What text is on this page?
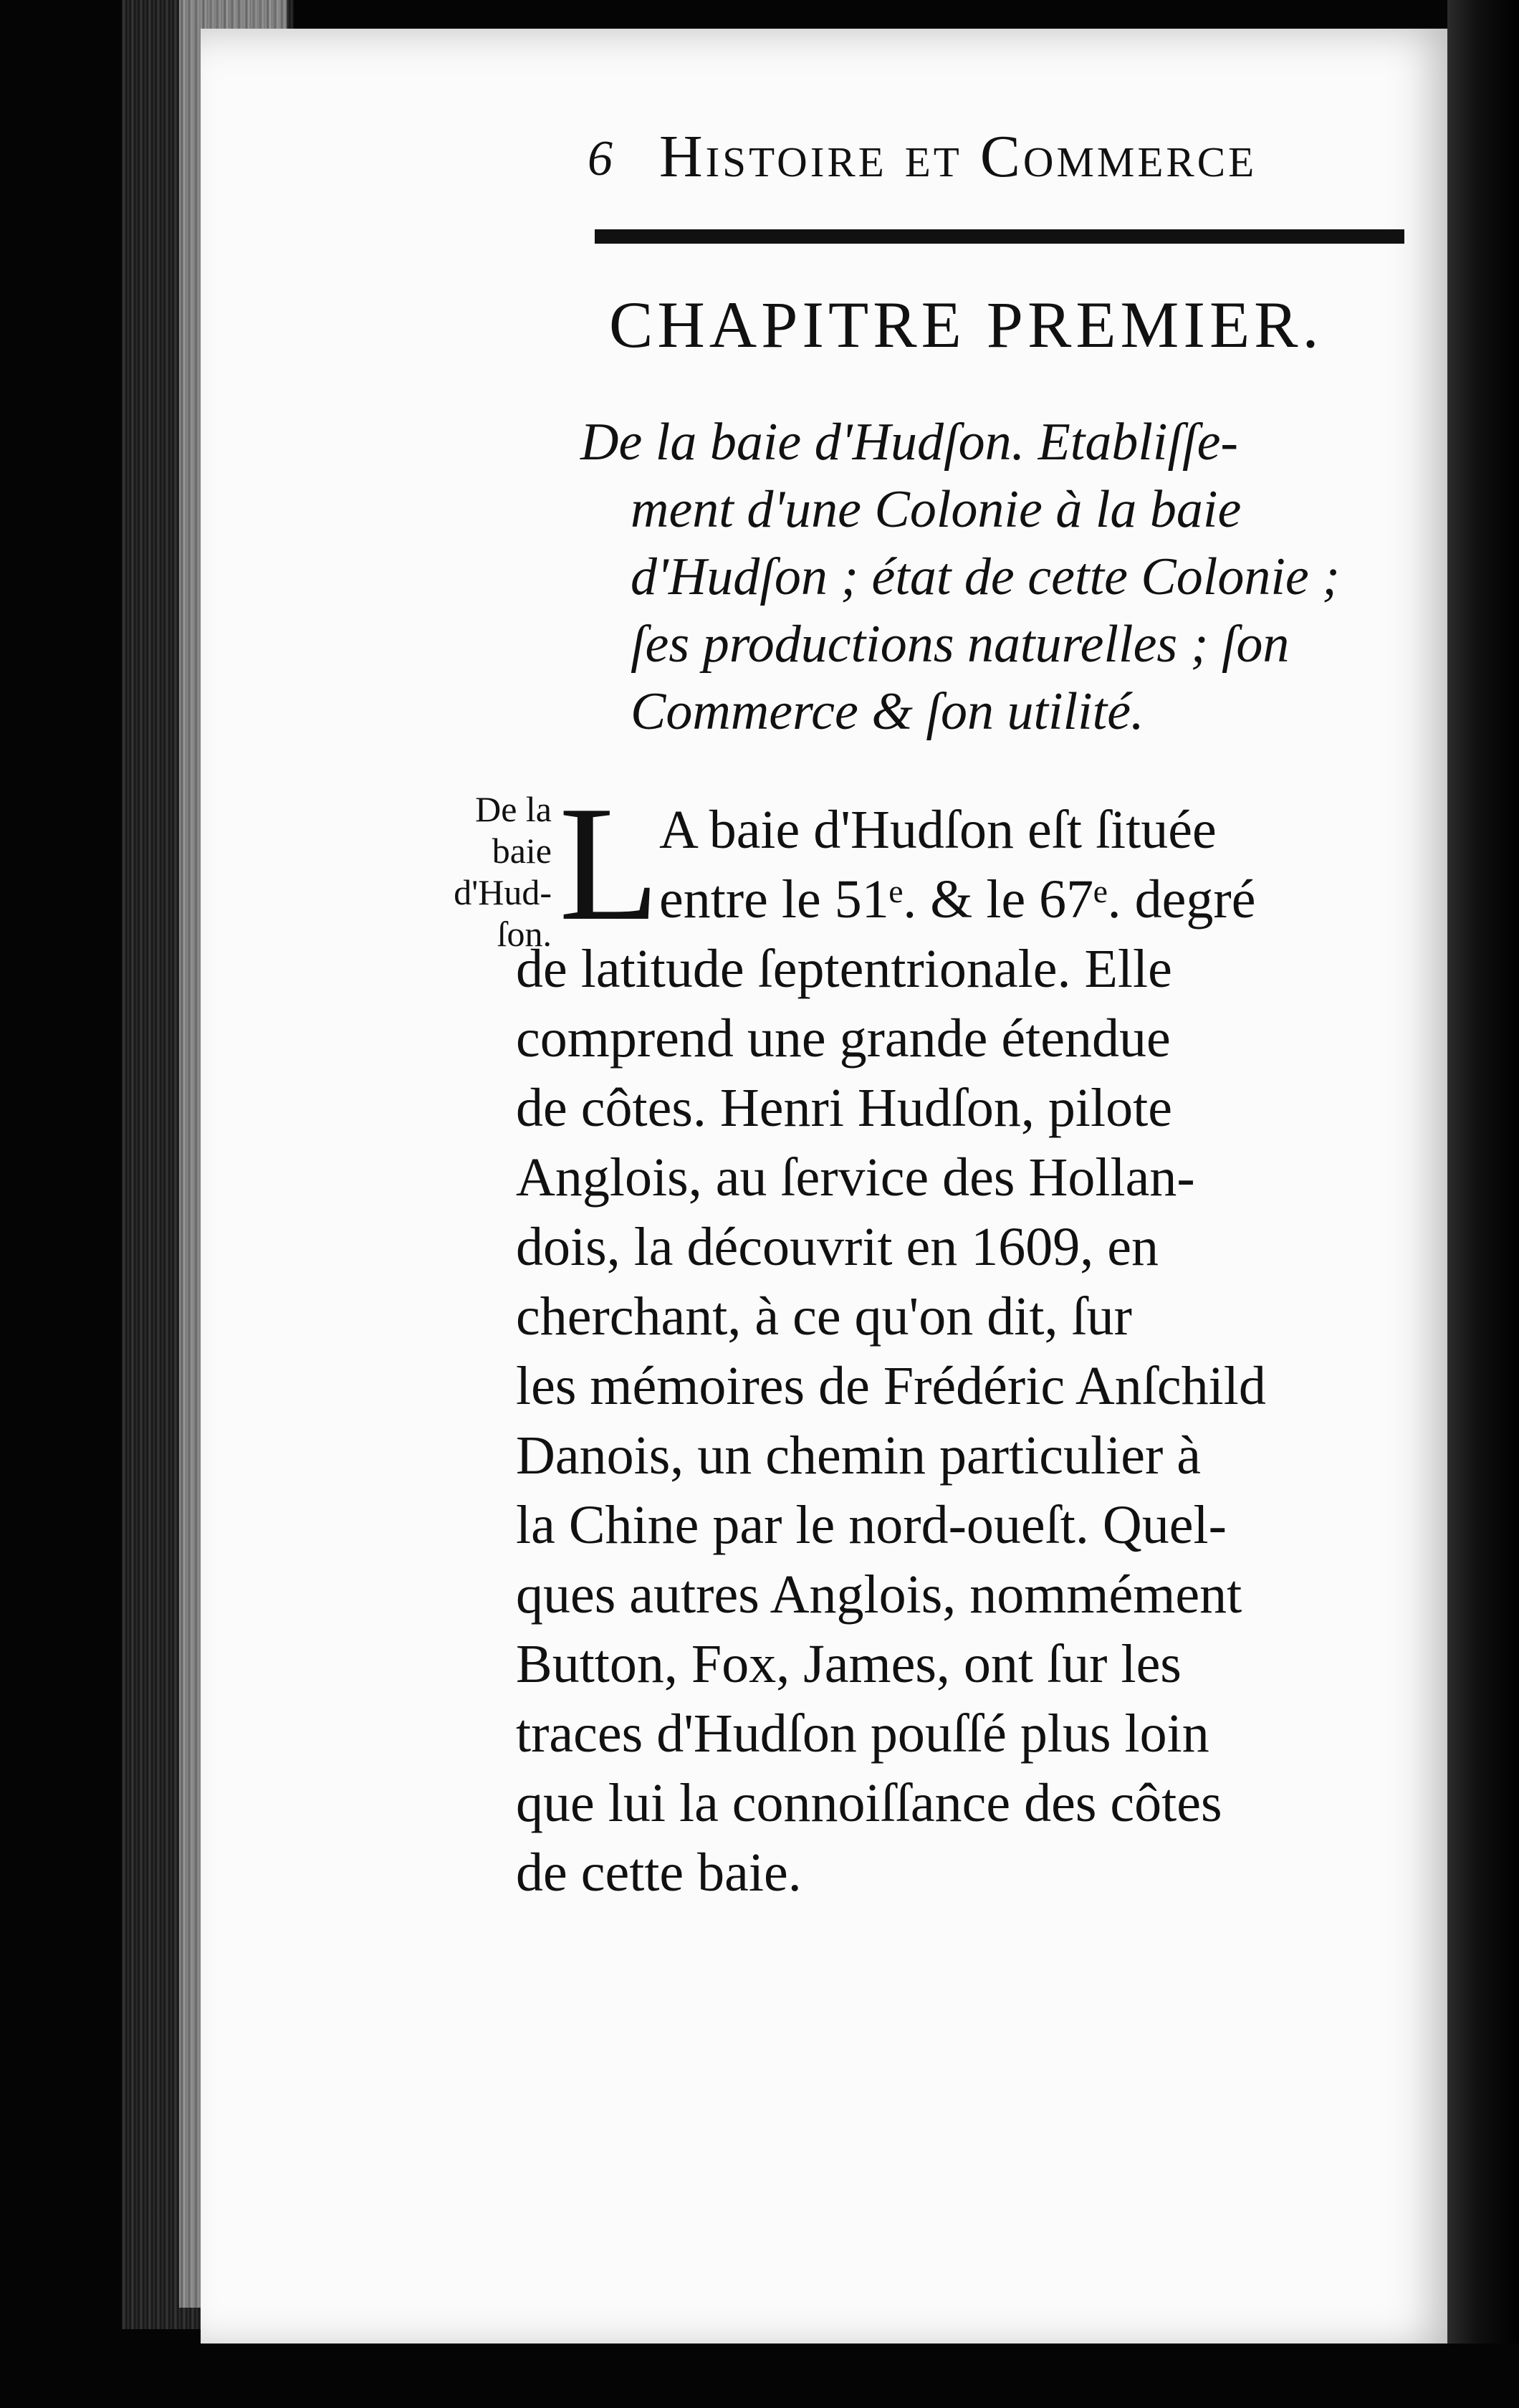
6 Histoire et Commerce
CHAPITRE PREMIER.
De la baie d'Hudſon. Etabliſſe-
ment d'une Colonie à la baie
d'Hudſon ; état de cette Colonie ;
ſes productions naturelles ; ſon
Commerce & ſon utilité.
De la
baie
d'Hud-
ſon. L A baie d'Hudſon eſt ſituée
entre le 51ᵉ. & le 67ᵉ. degré
de latitude ſeptentrionale. Elle
comprend une grande étendue
de côtes. Henri Hudſon, pilote
Anglois, au ſervice des Hollan-
dois, la découvrit en 1609, en
cherchant, à ce qu'on dit, ſur
les mémoires de Frédéric Anſchild
Danois, un chemin particulier à
la Chine par le nord-oueſt. Quel-
ques autres Anglois, nommément
Button, Fox, James, ont ſur les
traces d'Hudſon pouſſé plus loin
que lui la connoiſſance des côtes
de cette baie.
